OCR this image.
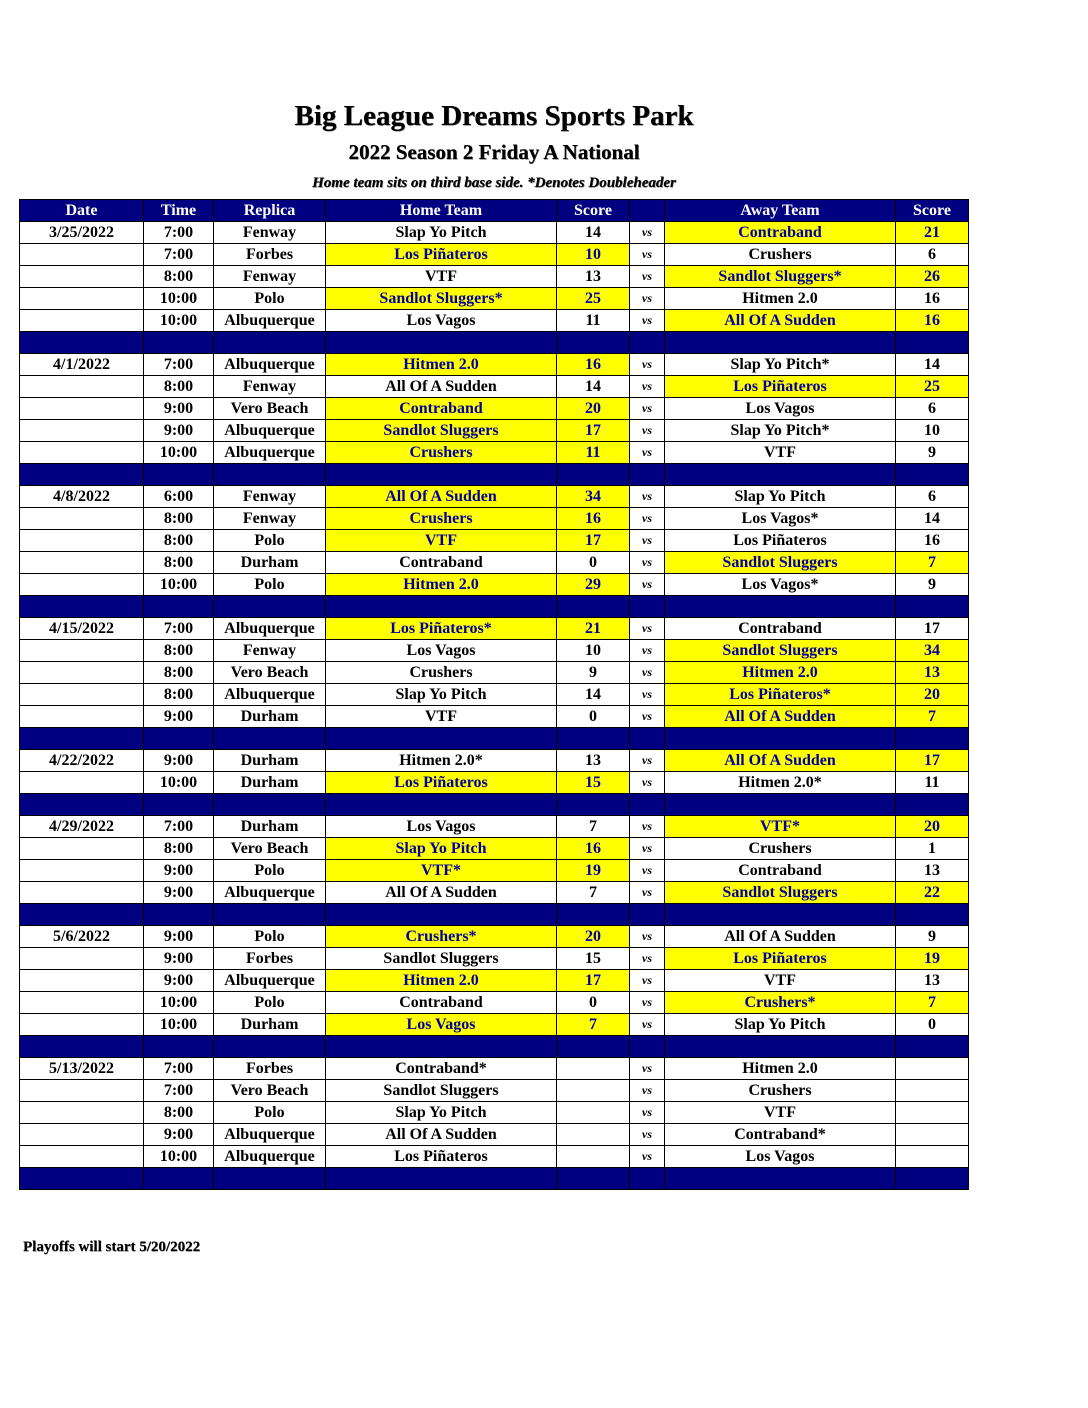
Big League Dreams Sports Park
2022 Season 2 Friday A National
Home team sits on third base side. *Denotes Doubleheader
Date	Time	Replica	Home Team	Score		Away Team	Score
3/25/2022	7:00	Fenway	Slap Yo Pitch	14	vs	Contraband	21
	7:00	Forbes	Los Piñateros	10	vs	Crushers	6
	8:00	Fenway	VTF	13	vs	Sandlot Sluggers*	26
	10:00	Polo	Sandlot Sluggers*	25	vs	Hitmen 2.0	16
	10:00	Albuquerque	Los Vagos	11	vs	All Of A Sudden	16

4/1/2022	7:00	Albuquerque	Hitmen 2.0	16	vs	Slap Yo Pitch*	14
	8:00	Fenway	All Of A Sudden	14	vs	Los Piñateros	25
	9:00	Vero Beach	Contraband	20	vs	Los Vagos	6
	9:00	Albuquerque	Sandlot Sluggers	17	vs	Slap Yo Pitch*	10
	10:00	Albuquerque	Crushers	11	vs	VTF	9

4/8/2022	6:00	Fenway	All Of A Sudden	34	vs	Slap Yo Pitch	6
	8:00	Fenway	Crushers	16	vs	Los Vagos*	14
	8:00	Polo	VTF	17	vs	Los Piñateros	16
	8:00	Durham	Contraband	0	vs	Sandlot Sluggers	7
	10:00	Polo	Hitmen 2.0	29	vs	Los Vagos*	9

4/15/2022	7:00	Albuquerque	Los Piñateros*	21	vs	Contraband	17
	8:00	Fenway	Los Vagos	10	vs	Sandlot Sluggers	34
	8:00	Vero Beach	Crushers	9	vs	Hitmen 2.0	13
	8:00	Albuquerque	Slap Yo Pitch	14	vs	Los Piñateros*	20
	9:00	Durham	VTF	0	vs	All Of A Sudden	7

4/22/2022	9:00	Durham	Hitmen 2.0*	13	vs	All Of A Sudden	17
	10:00	Durham	Los Piñateros	15	vs	Hitmen 2.0*	11

4/29/2022	7:00	Durham	Los Vagos	7	vs	VTF*	20
	8:00	Vero Beach	Slap Yo Pitch	16	vs	Crushers	1
	9:00	Polo	VTF*	19	vs	Contraband	13
	9:00	Albuquerque	All Of A Sudden	7	vs	Sandlot Sluggers	22

5/6/2022	9:00	Polo	Crushers*	20	vs	All Of A Sudden	9
	9:00	Forbes	Sandlot Sluggers	15	vs	Los Piñateros	19
	9:00	Albuquerque	Hitmen 2.0	17	vs	VTF	13
	10:00	Polo	Contraband	0	vs	Crushers*	7
	10:00	Durham	Los Vagos	7	vs	Slap Yo Pitch	0

5/13/2022	7:00	Forbes	Contraband*		vs	Hitmen 2.0	
	7:00	Vero Beach	Sandlot Sluggers		vs	Crushers	
	8:00	Polo	Slap Yo Pitch		vs	VTF	
	9:00	Albuquerque	All Of A Sudden		vs	Contraband*	
	10:00	Albuquerque	Los Piñateros		vs	Los Vagos	

Playoffs will start 5/20/2022
